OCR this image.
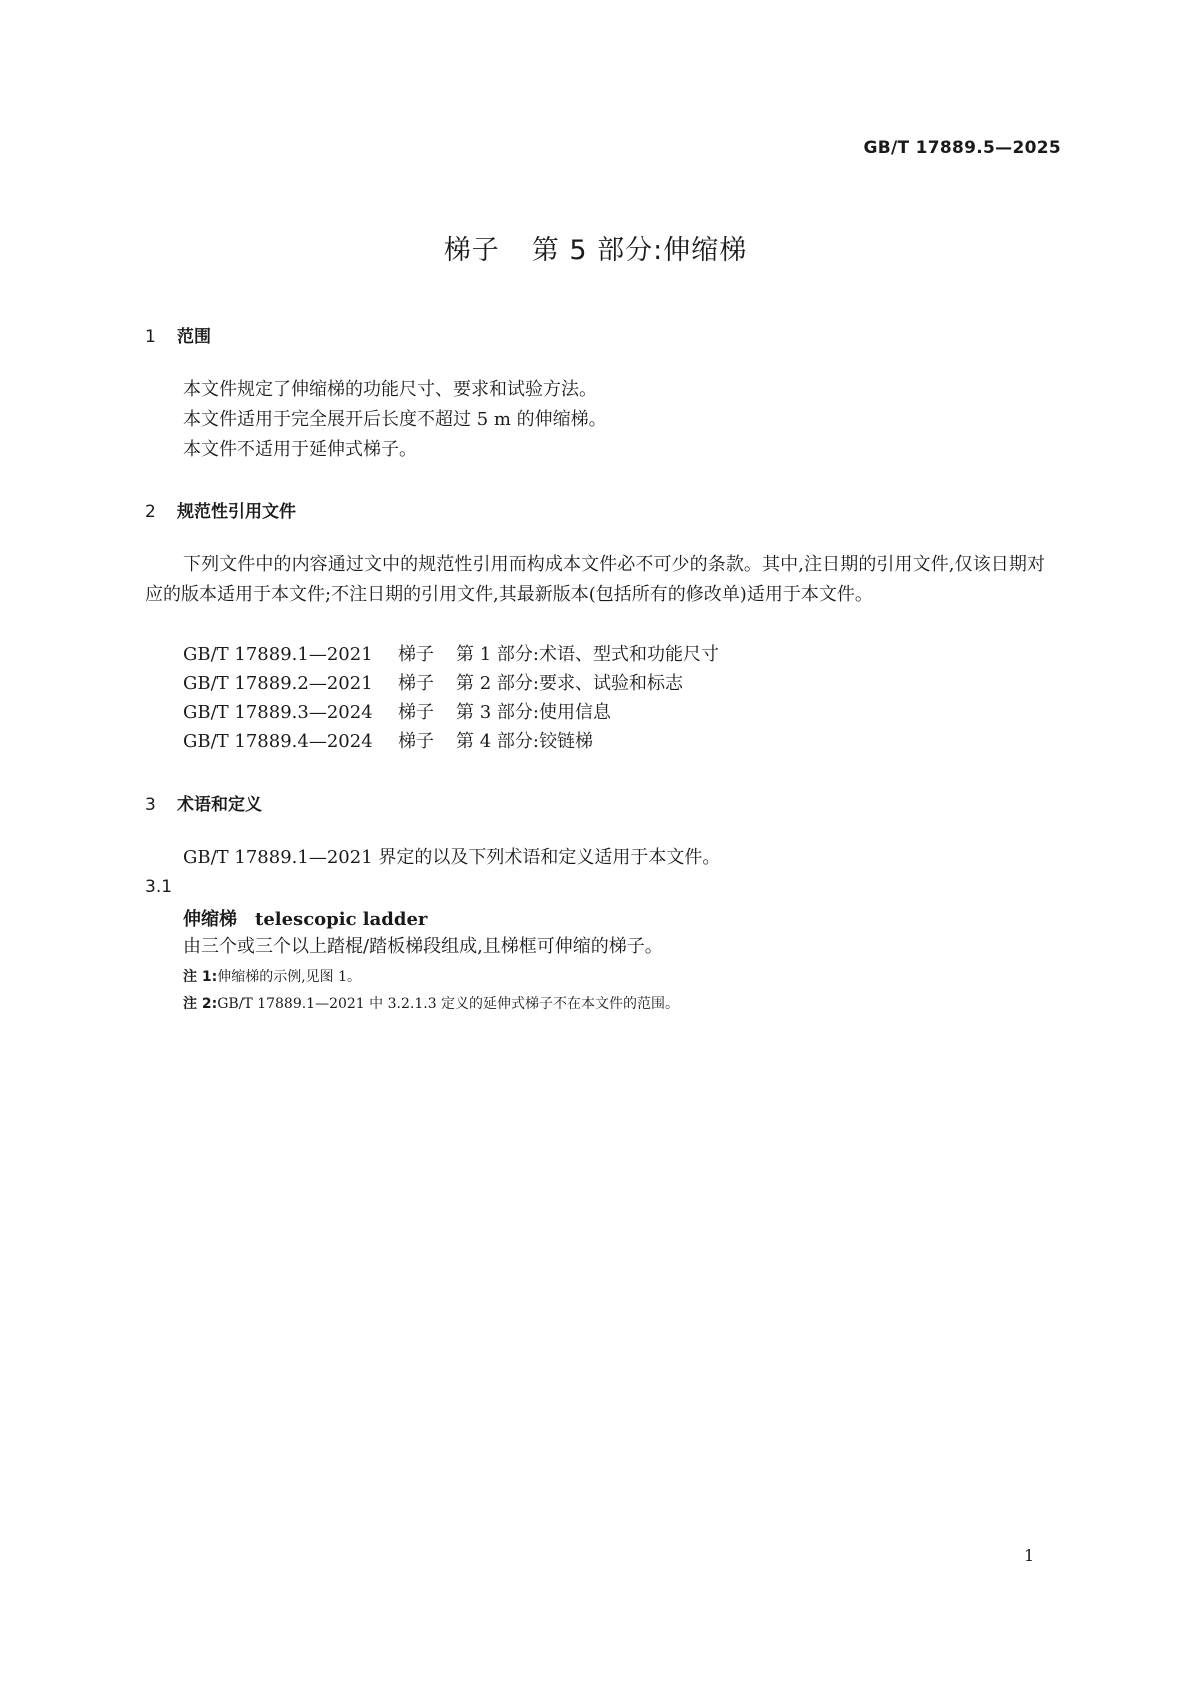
GB/T 17889.5—2025
梯子 第 5 部分:伸缩梯
1 范围
本文件规定了伸缩梯的功能尺寸、要求和试验方法。
本文件适用于完全展开后长度不超过 5 m 的伸缩梯。
本文件不适用于延伸式梯子。
2 规范性引用文件
下列文件中的内容通过文中的规范性引用而构成本文件必不可少的条款。其中,注日期的引用文件,仅该日期对应的版本适用于本文件;不注日期的引用文件,其最新版本(包括所有的修改单)适用于本文件。
GB/T 17889.1—2021 梯子 第 1 部分:术语、型式和功能尺寸
GB/T 17889.2—2021 梯子 第 2 部分:要求、试验和标志
GB/T 17889.3—2024 梯子 第 3 部分:使用信息
GB/T 17889.4—2024 梯子 第 4 部分:铰链梯
3 术语和定义
GB/T 17889.1—2021 界定的以及下列术语和定义适用于本文件。
3.1
伸缩梯 telescopic ladder
由三个或三个以上踏棍/踏板梯段组成,且梯框可伸缩的梯子。
注 1:伸缩梯的示例,见图 1。
注 2:GB/T 17889.1—2021 中 3.2.1.3 定义的延伸式梯子不在本文件的范围。
1
